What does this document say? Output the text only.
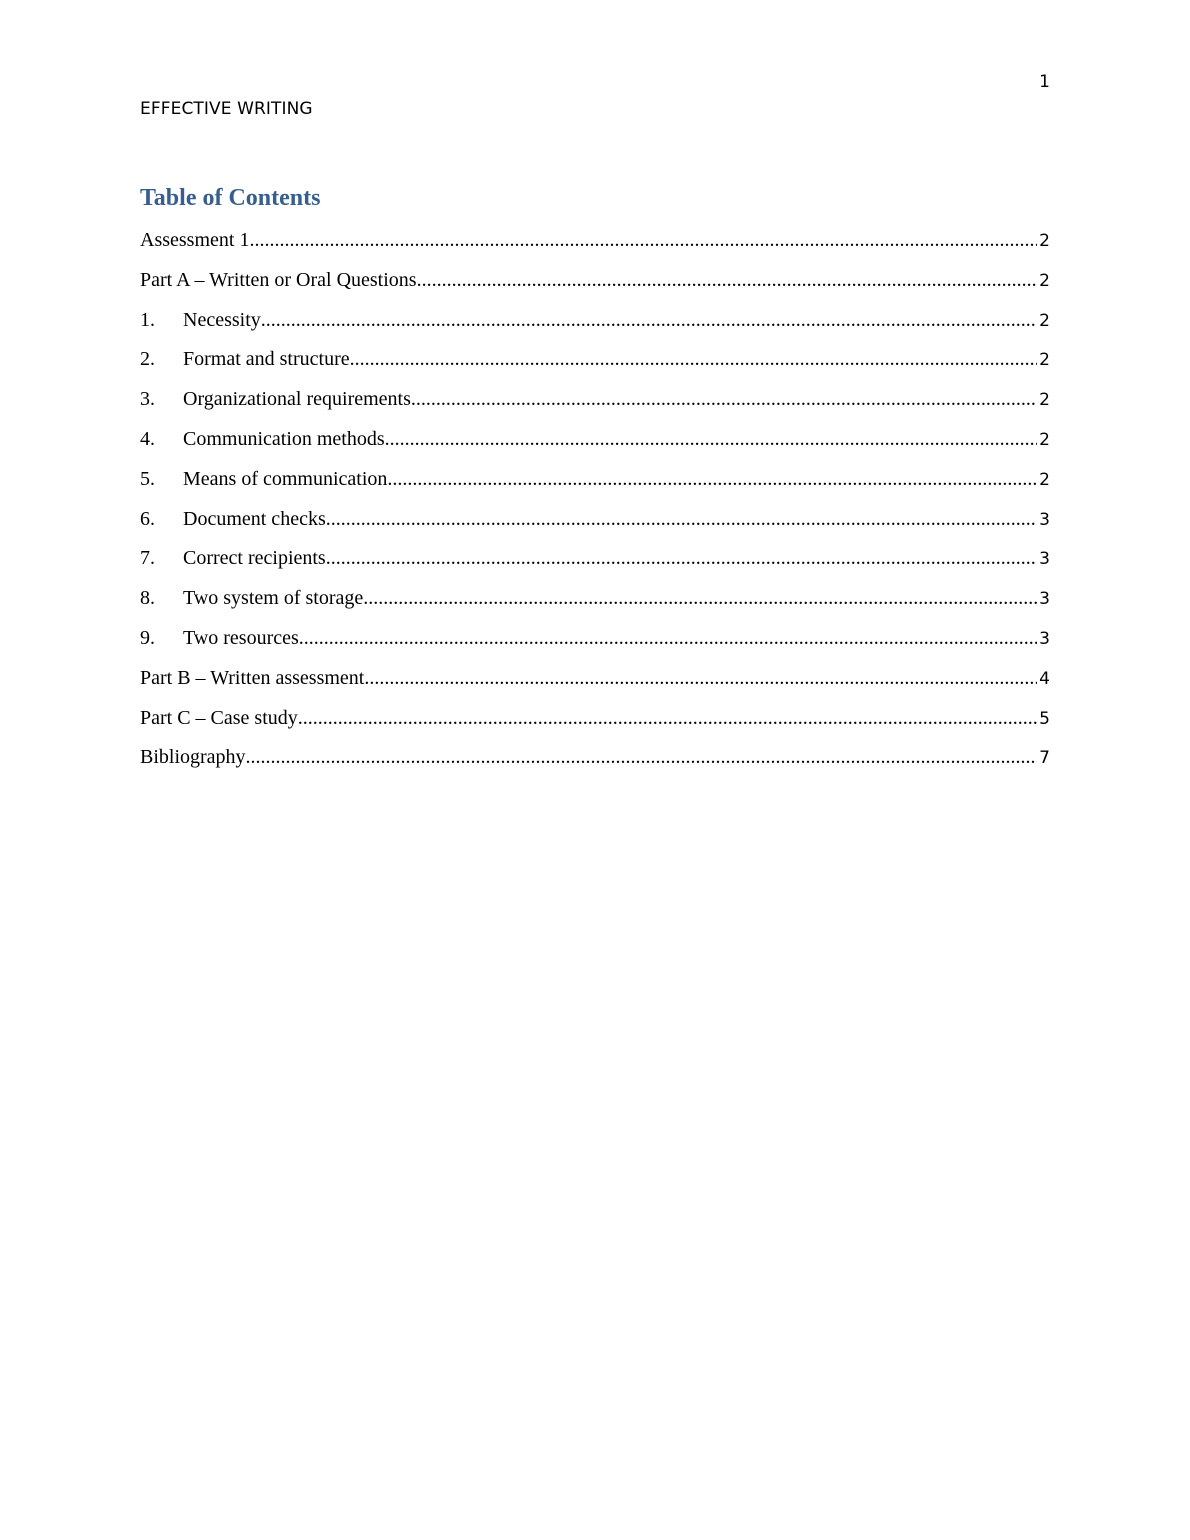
1
EFFECTIVE WRITING
Table of Contents
Assessment 1 .....	2
Part A – Written or Oral Questions .....	2
1.	Necessity .....	2
2.	Format and structure .....	2
3.	Organizational requirements .....	2
4.	Communication methods .....	2
5.	Means of communication .....	2
6.	Document checks .....	3
7.	Correct recipients .....	3
8.	Two system of storage .....	3
9.	Two resources .....	3
Part B – Written assessment .....	4
Part C – Case study .....	5
Bibliography .....	7
